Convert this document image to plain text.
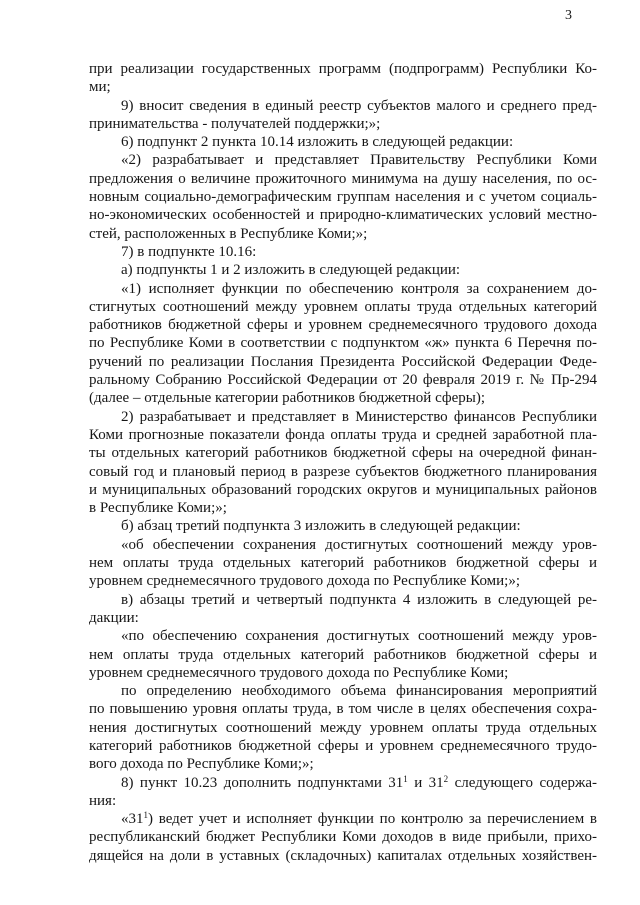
3
при реализации государственных программ (подпрограмм) Республики Ко-
ми;
9) вносит сведения в единый реестр субъектов малого и среднего пред-
принимательства - получателей поддержки;»;
6) подпункт 2 пункта 10.14 изложить в следующей редакции:
«2) разрабатывает и представляет Правительству Республики Коми
предложения о величине прожиточного минимума на душу населения, по ос-
новным социально-демографическим группам населения и с учетом социаль-
но-экономических особенностей и природно-климатических условий местно-
стей, расположенных в Республике Коми;»;
7) в подпункте 10.16:
а) подпункты 1 и 2 изложить в следующей редакции:
«1) исполняет функции по обеспечению контроля за сохранением до-
стигнутых соотношений между уровнем оплаты труда отдельных категорий
работников бюджетной сферы и уровнем среднемесячного трудового дохода
по Республике Коми в соответствии с подпунктом «ж» пункта 6 Перечня по-
ручений по реализации Послания Президента Российской Федерации Феде-
ральному Собранию Российской Федерации от 20 февраля 2019 г. № Пр-294
(далее – отдельные категории работников бюджетной сферы);
2) разрабатывает и представляет в Министерство финансов Республики
Коми прогнозные показатели фонда оплаты труда и средней заработной пла-
ты отдельных категорий работников бюджетной сферы на очередной финан-
совый год и плановый период в разрезе субъектов бюджетного планирования
и муниципальных образований городских округов и муниципальных районов
в Республике Коми;»;
б) абзац третий подпункта 3 изложить в следующей редакции:
«об обеспечении сохранения достигнутых соотношений между уров-
нем оплаты труда отдельных категорий работников бюджетной сферы и
уровнем среднемесячного трудового дохода по Республике Коми;»;
в) абзацы третий и четвертый подпункта 4 изложить в следующей ре-
дакции:
«по обеспечению сохранения достигнутых соотношений между уров-
нем оплаты труда отдельных категорий работников бюджетной сферы и
уровнем среднемесячного трудового дохода по Республике Коми;
по определению необходимого объема финансирования мероприятий
по повышению уровня оплаты труда, в том числе в целях обеспечения сохра-
нения достигнутых соотношений между уровнем оплаты труда отдельных
категорий работников бюджетной сферы и уровнем среднемесячного трудо-
вого дохода по Республике Коми;»;
8) пункт 10.23 дополнить подпунктами $31^1$ и $31^2$ следующего содержа-
ния:
«$31^1$) ведет учет и исполняет функции по контролю за перечислением в
республиканский бюджет Республики Коми доходов в виде прибыли, прихо-
дящейся на доли в уставных (складочных) капиталах отдельных хозяйствен-
